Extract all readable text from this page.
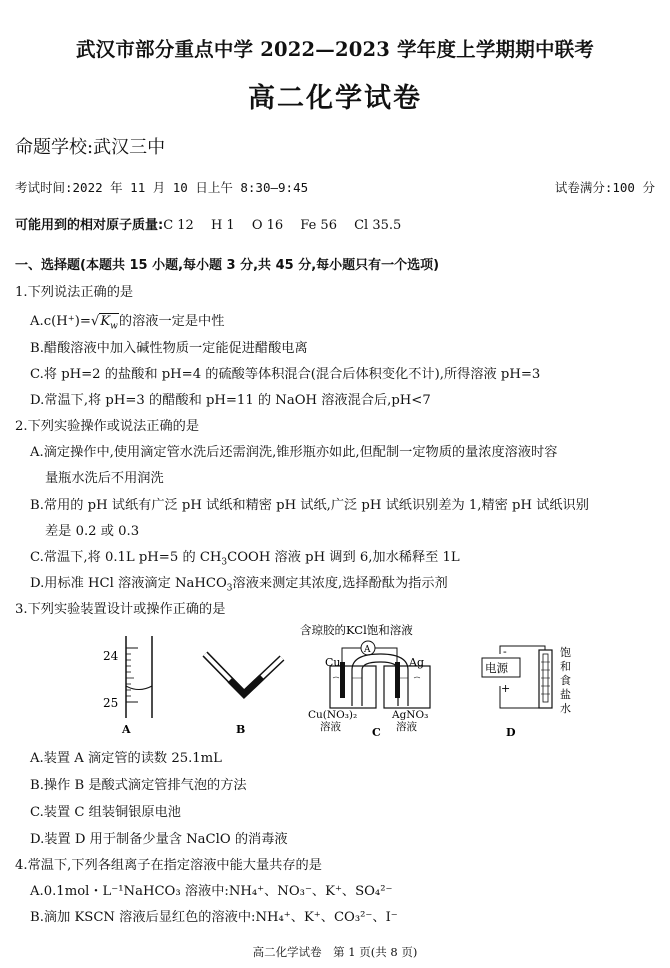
武汉市部分重点中学 2022—2023 学年度上学期期中联考
高二化学试卷
命题学校:武汉三中
考试时间:2022 年 11 月 10 日上午 8:30—9:45	试卷满分:100 分
可能用到的相对原子质量:C 12　 H 1　 O 16　 Fe 56　 Cl 35.5
一、选择题(本题共 15 小题,每小题 3 分,共 45 分,每小题只有一个选项)
1.下列说法正确的是
$A.c(H^+)=√K_w$的溶液一定是中性
B.醋酸溶液中加入碱性物质一定能促进醋酸电离
C.将 pH=2 的盐酸和 pH=4 的硫酸等体积混合(混合后体积变化不计),所得溶液 pH=3
D.常温下,将 pH=3 的醋酸和 pH=11 的 NaOH 溶液混合后,pH<7
2.下列实验操作或说法正确的是
A.滴定操作中,使用滴定管水洗后还需润洗,锥形瓶亦如此,但配制一定物质的量浓度溶液时容
量瓶水洗后不用润洗
B.常用的 pH 试纸有广泛 pH 试纸和精密 pH 试纸,广泛 pH 试纸识别差为 1,精密 pH 试纸识别
差是 0.2 或 0.3
C.常温下,将 0.1L pH=5 的 $CH_3COOH$ 溶液 pH 调到 6,加水稀释至 1L
D.用标准 HCl 溶液滴定 NaHCO$_3$溶液来测定其浓度,选择酚酞为指示剂
3.下列实验装置设计或操作正确的是
24
25
A	B
含琼胶的KCl饱和溶液
A
Cu	Ag
Cu(NO₃)₂
溶液
AgNO₃
溶液
C
电源
-
+
饱
和
食
盐
水
D
A.装置 A 滴定管的读数 25.1mL
B.操作 B 是酸式滴定管排气泡的方法
C.装置 C 组装铜银原电池
D.装置 D 用于制备少量含 NaClO 的消毒液
4.常温下,下列各组离子在指定溶液中能大量共存的是
A.0.1mol・L⁻¹NaHCO₃ 溶液中:NH₄⁺、NO₃⁻、K⁺、SO₄²⁻
B.滴加 KSCN 溶液后显红色的溶液中:NH₄⁺、K⁺、CO₃²⁻、I⁻
高二化学试卷　第 1 页(共 8 页)
